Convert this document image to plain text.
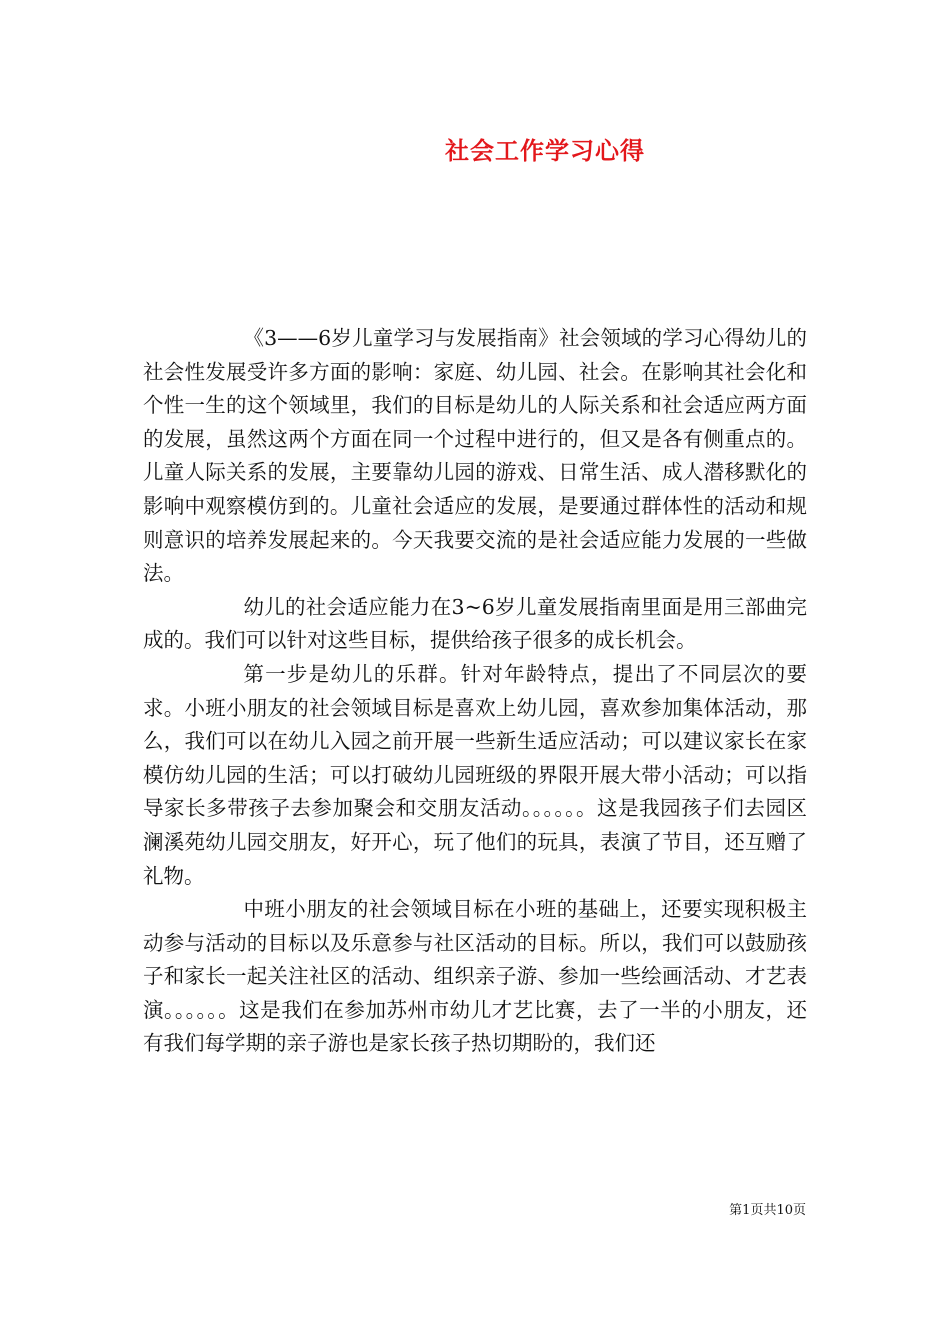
社会工作学习心得

《3——6岁儿童学习与发展指南》社会领域的学习心得幼儿的社会性发展受许多方面的影响：家庭、幼儿园、社会。在影响其社会化和个性一生的这个领域里，我们的目标是幼儿的人际关系和社会适应两方面的发展，虽然这两个方面在同一个过程中进行的，但又是各有侧重点的。儿童人际关系的发展，主要靠幼儿园的游戏、日常生活、成人潜移默化的影响中观察模仿到的。儿童社会适应的发展，是要通过群体性的活动和规则意识的培养发展起来的。今天我要交流的是社会适应能力发展的一些做法。

幼儿的社会适应能力在3~6岁儿童发展指南里面是用三部曲完成的。我们可以针对这些目标，提供给孩子很多的成长机会。

第一步是幼儿的乐群。针对年龄特点，提出了不同层次的要求。小班小朋友的社会领域目标是喜欢上幼儿园，喜欢参加集体活动，那么，我们可以在幼儿入园之前开展一些新生适应活动；可以建议家长在家模仿幼儿园的生活；可以打破幼儿园班级的界限开展大带小活动；可以指导家长多带孩子去参加聚会和交朋友活动。。。。。。这是我园孩子们去园区澜溪苑幼儿园交朋友，好开心，玩了他们的玩具，表演了节目，还互赠了礼物。

中班小朋友的社会领域目标在小班的基础上，还要实现积极主动参与活动的目标以及乐意参与社区活动的目标。所以，我们可以鼓励孩子和家长一起关注社区的活动、组织亲子游、参加一些绘画活动、才艺表演。。。。。。这是我们在参加苏州市幼儿才艺比赛，去了一半的小朋友，还有我们每学期的亲子游也是家长孩子热切期盼的，我们还

第1页共10页
